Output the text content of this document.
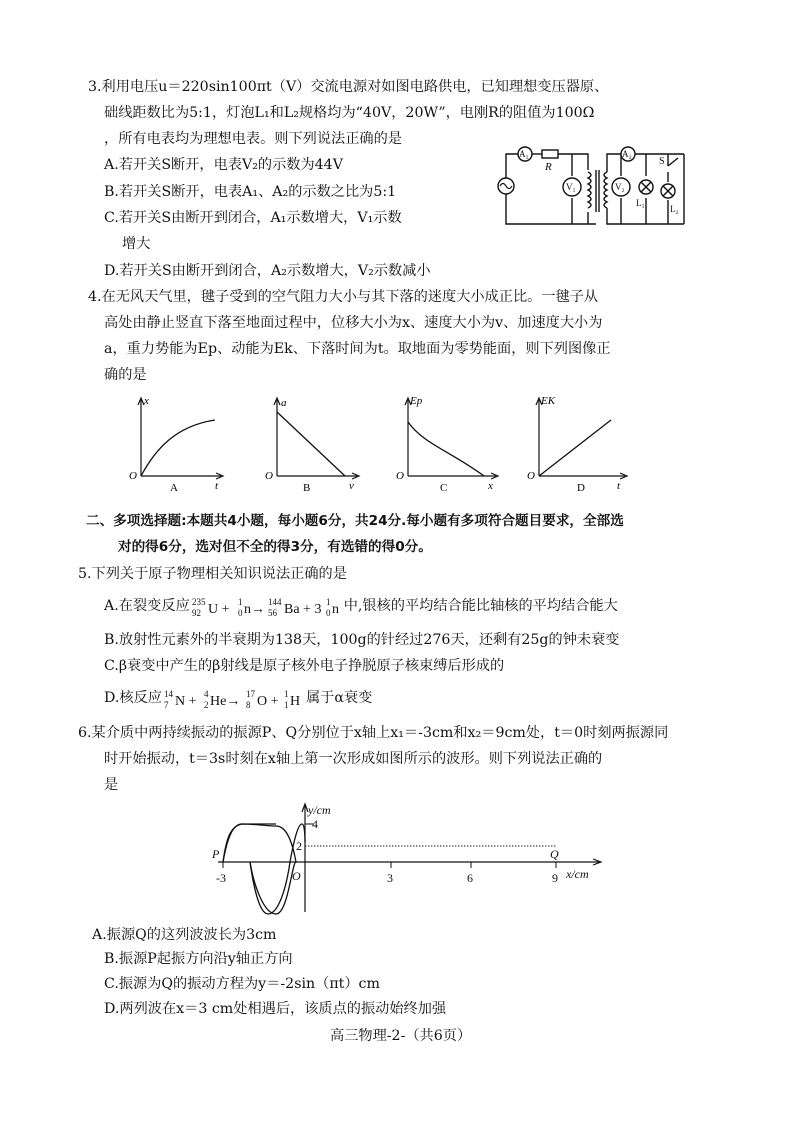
3.利用电压u＝220sin100πt（V）交流电源对如图电路供电，已知理想变压器原、
础线距数比为5:1，灯泡L₁和L₂规格均为“40V，20W”，电刚R的阻值为100Ω
，所有电表均为理想电表。则下列说法正确的是
A.若开关S断开，电表V₂的示数为44V
B.若开关S断开，电表A₁、A₂的示数之比为5:1
C.若开关S由断开到闭合，A₁示数增大，V₁示数
增大
D.若开关S由断开到闭合，A₂示数增大，V₂示数减小
A₁
R
V₁
A₂
V₂
S
L₁
L₂
4.在无风天气里，毽子受到的空气阻力大小与其下落的迷度大小成正比。一毽子从
高处由静止竖直下落至地面过程中，位移大小为x、速度大小为v、加速度大小为
a，重力势能为Ep、动能为Ek、下落时间为t。取地面为零势能面，则下列图像正
确的是
x
t
O
A
a
v
O
B
Ep
x
O
C
EK
t
O
D
二、多项选择题:本题共4小题，每小题6分，共24分.每小题有多项符合题目要求，全部选
对的得6分，选对但不全的得3分，有选错的得0分。
5.下列关于原子物理相关知识说法正确的是
A.在裂变反应 235
92 U + 1
0 n→ 144
56 Ba + 3 1
0 n 中,银核的平均结合能比轴核的平均结合能大
B.放射性元素外的半衰期为138天，100g的针经过276天，还剩有25g的钟未衰变
C.β衰变中产生的β射线是原子核外电子挣脱原子核束缚后形成的
D.核反应 14
7 N + 4
2 He→ 17
8 O + 1
1 H 属于α衰变
6.某介质中两持续振动的振源P、Q分别位于x轴上x₁＝-3cm和x₂＝9cm处，t＝0时刻两振源同
时开始振动，t＝3s时刻在x轴上第一次形成如图所示的波形。则下列说法正确的
是
y/cm
x/cm
P	Q
O
4
2
-3	3	6	9
A.振源Q的这列波波长为3cm
B.振源P起振方向沿y轴正方向
C.振源为Q的振动方程为y＝-2sin（πt）cm
D.两列波在x＝3 cm处相遇后，该质点的振动始终加强
高三物理-2-（共6页）
